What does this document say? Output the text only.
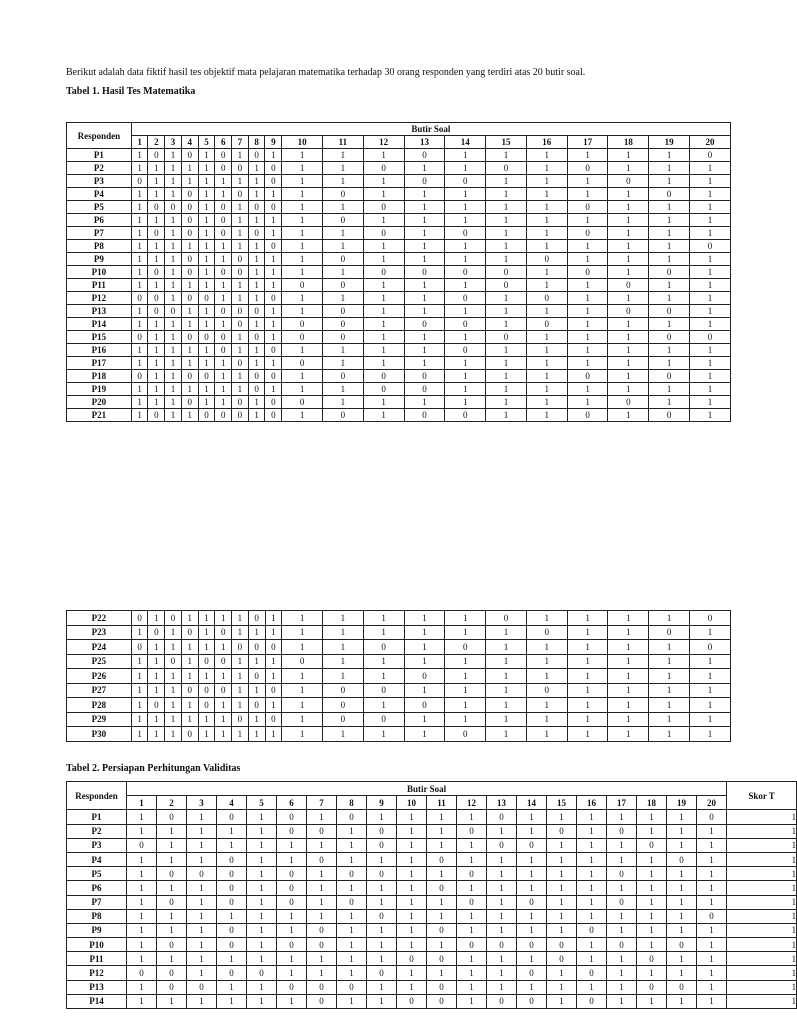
Berikut adalah data fiktif hasil tes objektif mata pelajaran matematika terhadap 30 orang responden yang terdiri atas 20 butir soal.
Tabel 1. Hasil Tes Matematika
Responden	Butir Soal																			
	1	2	3	4	5	6	7	8	9	10	11	12	13	14	15	16	17	18	19	20
P1	1	0	1	0	1	0	1	0	1	1	1	1	0	1	1	1	1	1	1	0
P2	1	1	1	1	1	0	0	1	0	1	1	0	1	1	0	1	0	1	1	1
P3	0	1	1	1	1	1	1	1	0	1	1	1	0	0	1	1	1	0	1	1
P4	1	1	1	0	1	1	0	1	1	1	0	1	1	1	1	1	1	1	0	1
P5	1	0	0	0	1	0	1	0	0	1	1	0	1	1	1	1	0	1	1	1
P6	1	1	1	0	1	0	1	1	1	1	0	1	1	1	1	1	1	1	1	1
P7	1	0	1	0	1	0	1	0	1	1	1	0	1	0	1	1	0	1	1	1
P8	1	1	1	1	1	1	1	1	0	1	1	1	1	1	1	1	1	1	1	0
P9	1	1	1	0	1	1	0	1	1	1	0	1	1	1	1	0	1	1	1	1
P10	1	0	1	0	1	0	0	1	1	1	1	0	0	0	0	1	0	1	0	1
P11	1	1	1	1	1	1	1	1	1	0	0	1	1	1	0	1	1	0	1	1
P12	0	0	1	0	0	1	1	1	0	1	1	1	1	0	1	0	1	1	1	1
P13	1	0	0	1	1	0	0	0	1	1	0	1	1	1	1	1	1	0	0	1
P14	1	1	1	1	1	1	0	1	1	0	0	1	0	0	1	0	1	1	1	1
P15	0	1	1	0	0	0	1	0	1	0	0	1	1	1	0	1	1	1	0	0
P16	1	1	1	1	1	0	1	1	0	1	1	1	1	0	1	1	1	1	1	1
P17	1	1	1	1	1	1	0	1	1	0	1	1	1	1	1	1	1	1	1	1
P18	0	1	1	0	0	1	1	0	0	1	0	0	0	1	1	1	0	1	0	1
P19	1	1	1	1	1	1	1	0	1	1	1	0	0	1	1	1	1	1	1	1
P20	1	1	1	0	1	1	0	1	0	0	1	1	1	1	1	1	1	0	1	1
P21	1	0	1	1	0	0	0	1	0	1	0	1	0	0	1	1	0	1	0	1
P22	0	1	0	1	1	1	1	0	1	1	1	1	1	1	0	1	1	1	1	0
P23	1	0	1	0	1	0	1	1	1	1	1	1	1	1	1	0	1	1	0	1
P24	0	1	1	1	1	1	0	0	0	1	1	0	1	0	1	1	1	1	1	0
P25	1	1	0	1	0	0	1	1	1	0	1	1	1	1	1	1	1	1	1	1
P26	1	1	1	1	1	1	1	0	1	1	1	1	0	1	1	1	1	1	1	1
P27	1	1	1	0	0	0	1	1	0	1	0	0	1	1	1	0	1	1	1	1
P28	1	0	1	1	0	1	1	0	1	1	0	1	0	1	1	1	1	1	1	1
P29	1	1	1	1	1	1	0	1	0	1	0	0	1	1	1	1	1	1	1	1
P30	1	1	1	0	1	1	1	1	1	1	1	1	1	0	1	1	1	1	1	1
Tabel 2. Persiapan Perhitungan Validitas
Responden	Butir Soal																				Skor T
	1	2	3	4	5	6	7	8	9	10	11	12	13	14	15	16	17	18	19	20	
P1	1	0	1	0	1	0	1	0	1	1	1	1	0	1	1	1	1	1	1	0	1
P2	1	1	1	1	1	0	0	1	0	1	1	0	1	1	0	1	0	1	1	1	1
P3	0	1	1	1	1	1	1	1	0	1	1	1	0	0	1	1	1	0	1	1	1
P4	1	1	1	0	1	1	0	1	1	1	0	1	1	1	1	1	1	1	0	1	1
P5	1	0	0	0	1	0	1	0	0	1	1	0	1	1	1	1	0	1	1	1	1
P6	1	1	1	0	1	0	1	1	1	1	0	1	1	1	1	1	1	1	1	1	1
P7	1	0	1	0	1	0	1	0	1	1	1	0	1	0	1	1	0	1	1	1	1
P8	1	1	1	1	1	1	1	1	0	1	1	1	1	1	1	1	1	1	1	0	1
P9	1	1	1	0	1	1	0	1	1	1	0	1	1	1	1	0	1	1	1	1	1
P10	1	0	1	0	1	0	0	1	1	1	1	0	0	0	0	1	0	1	0	1	1
P11	1	1	1	1	1	1	1	1	1	0	0	1	1	1	0	1	1	0	1	1	1
P12	0	0	1	0	0	1	1	1	0	1	1	1	1	0	1	0	1	1	1	1	1
P13	1	0	0	1	1	0	0	0	1	1	0	1	1	1	1	1	1	0	0	1	1
P14	1	1	1	1	1	1	0	1	1	0	0	1	0	0	1	0	1	1	1	1	1
